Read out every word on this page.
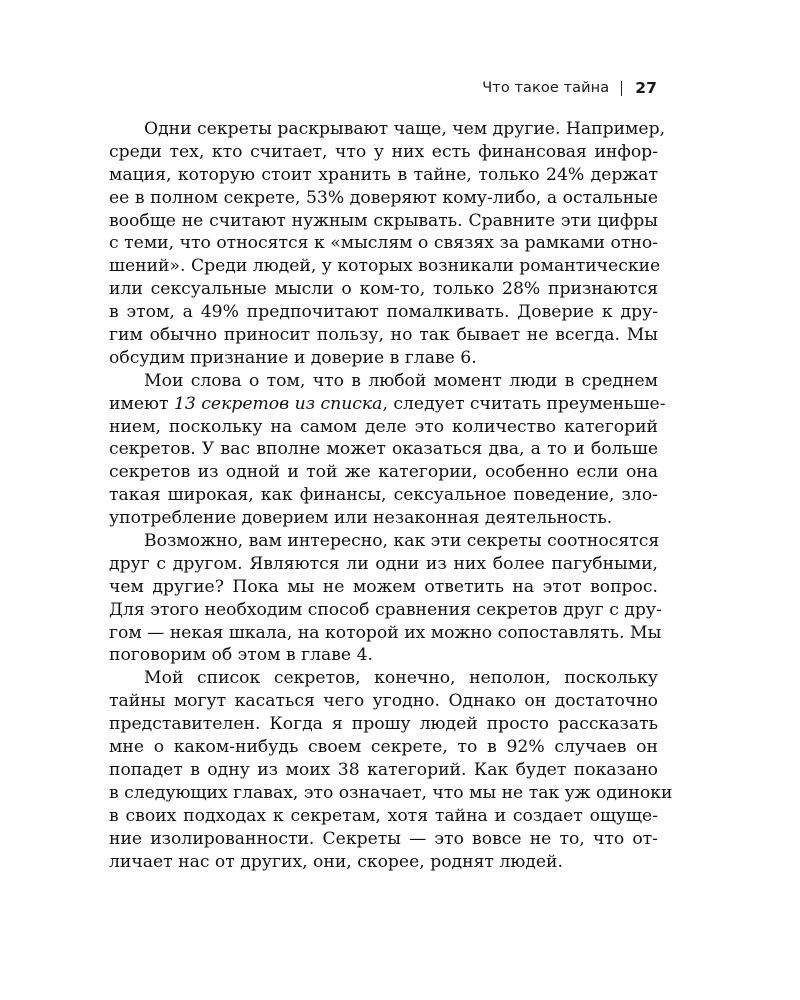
Что такое тайна 27

Одни секреты раскрывают чаще, чем другие. Например,
среди тех, кто считает, что у них есть финансовая инфор-
мация, которую стоит хранить в тайне, только 24% держат
ее в полном секрете, 53% доверяют кому-либо, а остальные
вообще не считают нужным скрывать. Сравните эти цифры
с теми, что относятся к «мыслям о связях за рамками отно-
шений». Среди людей, у которых возникали романтические
или сексуальные мысли о ком-то, только 28% признаются
в этом, а 49% предпочитают помалкивать. Доверие к дру-
гим обычно приносит пользу, но так бывает не всегда. Мы
обсудим признание и доверие в главе 6.

Мои слова о том, что в любой момент люди в среднем
имеют 13 секретов из списка, следует считать преуменьше-
нием, поскольку на самом деле это количество категорий
секретов. У вас вполне может оказаться два, а то и больше
секретов из одной и той же категории, особенно если она
такая широкая, как финансы, сексуальное поведение, зло-
употребление доверием или незаконная деятельность.

Возможно, вам интересно, как эти секреты соотносятся
друг с другом. Являются ли одни из них более пагубными,
чем другие? Пока мы не можем ответить на этот вопрос.
Для этого необходим способ сравнения секретов друг с дру-
гом — некая шкала, на которой их можно сопоставлять. Мы
поговорим об этом в главе 4.

Мой список секретов, конечно, неполон, поскольку
тайны могут касаться чего угодно. Однако он достаточно
представителен. Когда я прошу людей просто рассказать
мне о каком-нибудь своем секрете, то в 92% случаев он
попадет в одну из моих 38 категорий. Как будет показано
в следующих главах, это означает, что мы не так уж одиноки
в своих подходах к секретам, хотя тайна и создает ощуще-
ние изолированности. Секреты — это вовсе не то, что от-
личает нас от других, они, скорее, роднят людей.
